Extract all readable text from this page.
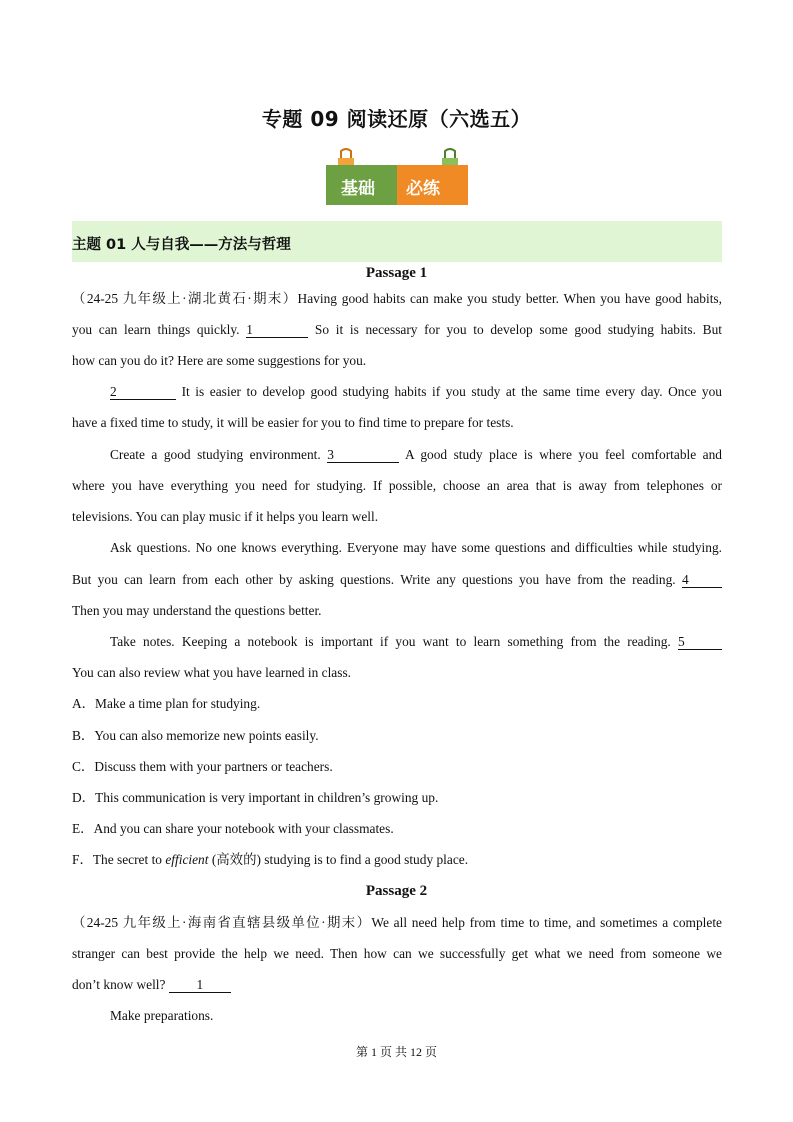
专题 09 阅读还原（六选五）
基础 必练
主题 01 人与自我——方法与哲理
Passage 1
（24-25 九年级上·湖北黄石·期末）Having good habits can make you study better. When you have good habits,
you can learn things quickly. 1	So it is necessary for you to develop some good studying habits. But
how can you do it? Here are some suggestions for you.
2	It is easier to develop good studying habits if you study at the same time every day. Once you
have a fixed time to study, it will be easier for you to find time to prepare for tests.
Create a good studying environment. 3	A good study place is where you feel comfortable and
where you have everything you need for studying. If possible, choose an area that is away from telephones or
televisions. You can play music if it helps you learn well.
Ask questions. No one knows everything. Everyone may have some questions and difficulties while studying.
But you can learn from each other by asking questions. Write any questions you have from the reading. 4
Then you may understand the questions better.
Take notes. Keeping a notebook is important if you want to learn something from the reading. 5
You can also review what you have learned in class.
A．Make a time plan for studying.
B．You can also memorize new points easily.
C．Discuss them with your partners or teachers.
D．This communication is very important in children’s growing up.
E．And you can share your notebook with your classmates.
F．The secret to efficient (高效的) studying is to find a good study place.
Passage 2
（24-25 九年级上·海南省直辖县级单位·期末）We all need help from time to time, and sometimes a complete
stranger can best provide the help we need. Then how can we successfully get what we need from someone we
don’t know well? 1
Make preparations.
第 1 页 共 12 页
